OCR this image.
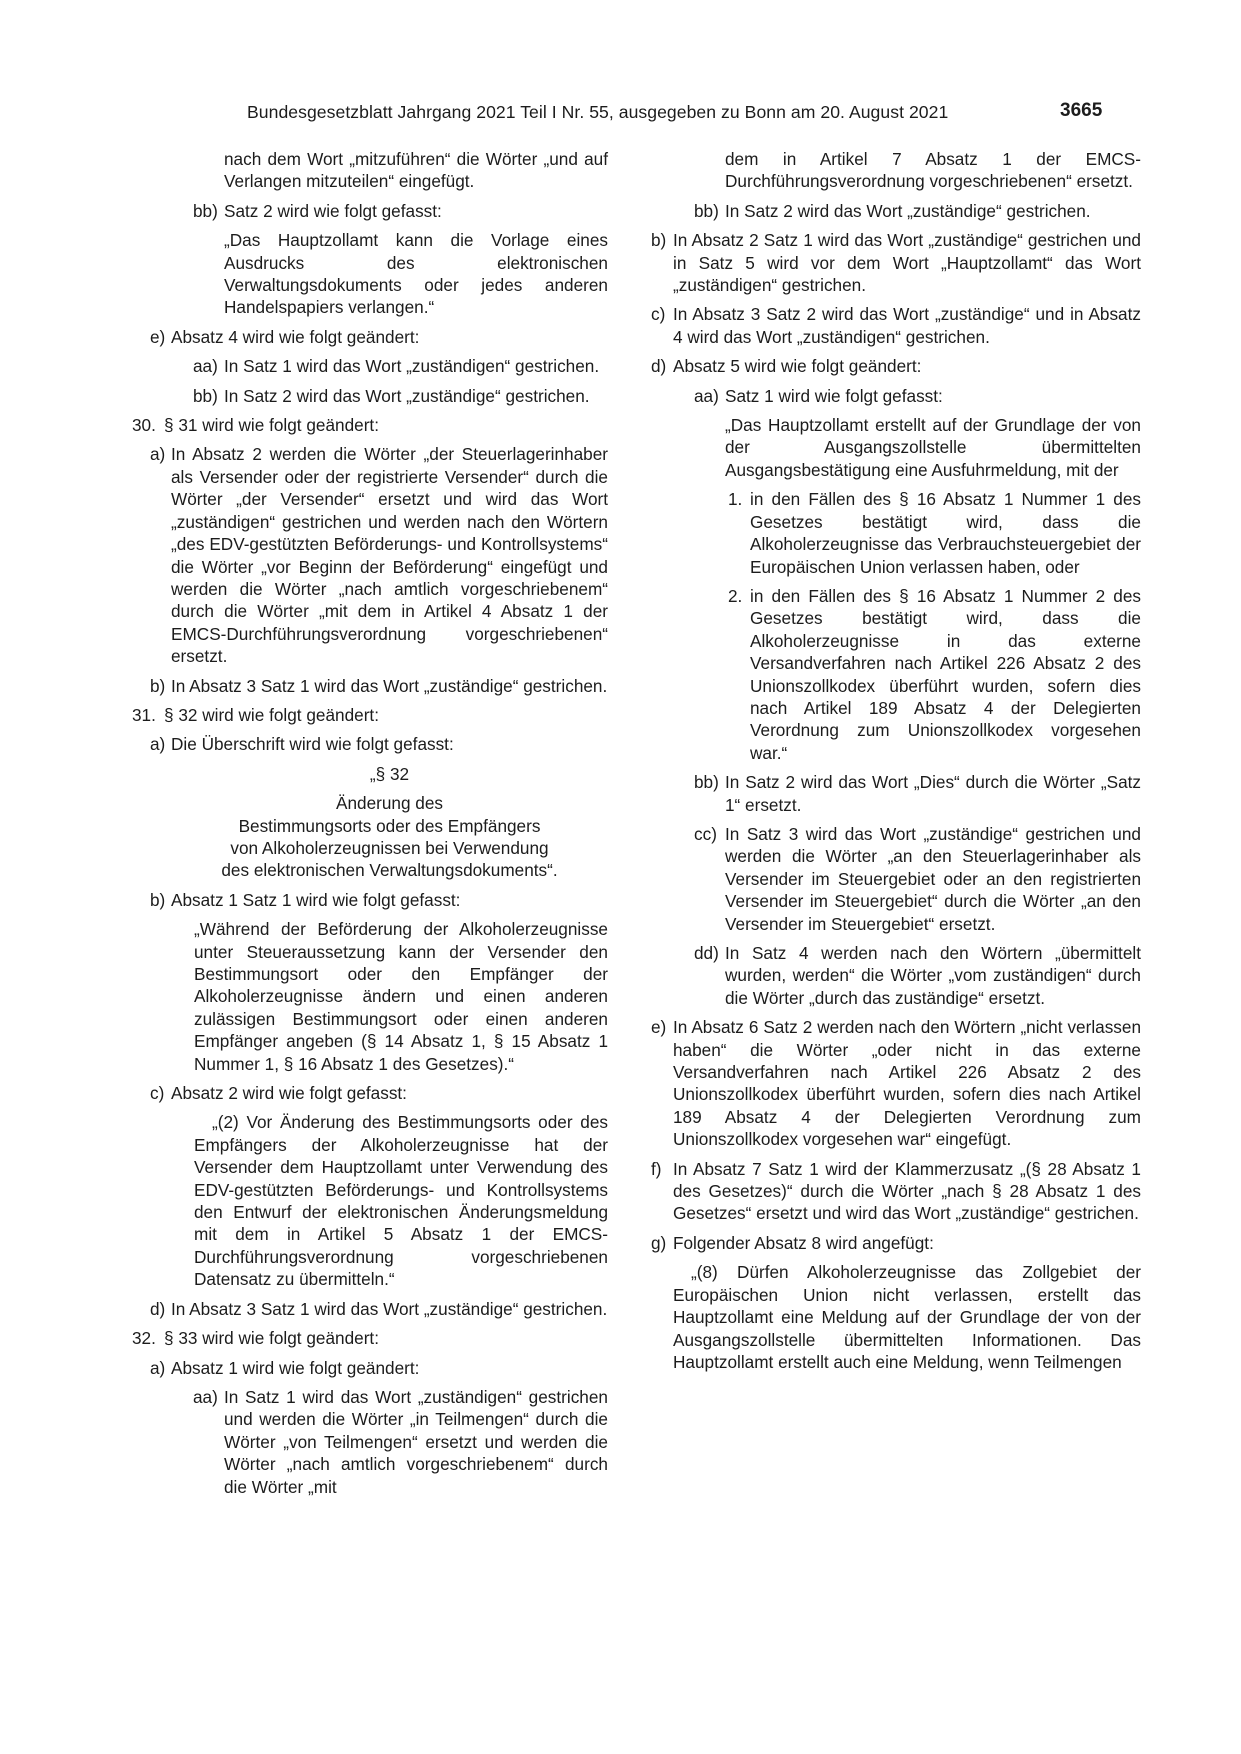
Bundesgesetzblatt Jahrgang 2021 Teil I Nr. 55, ausgegeben zu Bonn am 20. August 2021	3665
nach dem Wort „mitzuführen“ die Wörter „und auf Verlangen mitzuteilen“ eingefügt.
bb) Satz 2 wird wie folgt gefasst:
„Das Hauptzollamt kann die Vorlage eines Ausdrucks des elektronischen Verwaltungsdokuments oder jedes anderen Handelspapiers verlangen.“
e) Absatz 4 wird wie folgt geändert:
aa) In Satz 1 wird das Wort „zuständigen“ gestrichen.
bb) In Satz 2 wird das Wort „zuständige“ gestrichen.
30. § 31 wird wie folgt geändert:
a) In Absatz 2 werden die Wörter „der Steuerlagerinhaber als Versender oder der registrierte Versender“ durch die Wörter „der Versender“ ersetzt und wird das Wort „zuständigen“ gestrichen und werden nach den Wörtern „des EDV-gestützten Beförderungs- und Kontrollsystems“ die Wörter „vor Beginn der Beförderung“ eingefügt und werden die Wörter „nach amtlich vorgeschriebenem“ durch die Wörter „mit dem in Artikel 4 Absatz 1 der EMCS-Durchführungsverordnung vorgeschriebenen“ ersetzt.
b) In Absatz 3 Satz 1 wird das Wort „zuständige“ gestrichen.
31. § 32 wird wie folgt geändert:
a) Die Überschrift wird wie folgt gefasst:
„§ 32
Änderung des
Bestimmungsorts oder des Empfängers
von Alkoholerzeugnissen bei Verwendung
des elektronischen Verwaltungsdokuments“.
b) Absatz 1 Satz 1 wird wie folgt gefasst:
„Während der Beförderung der Alkoholerzeugnisse unter Steueraussetzung kann der Versender den Bestimmungsort oder den Empfänger der Alkoholerzeugnisse ändern und einen anderen zulässigen Bestimmungsort oder einen anderen Empfänger angeben (§ 14 Absatz 1, § 15 Absatz 1 Nummer 1, § 16 Absatz 1 des Gesetzes).“
c) Absatz 2 wird wie folgt gefasst:
„(2) Vor Änderung des Bestimmungsorts oder des Empfängers der Alkoholerzeugnisse hat der Versender dem Hauptzollamt unter Verwendung des EDV-gestützten Beförderungs- und Kontrollsystems den Entwurf der elektronischen Änderungsmeldung mit dem in Artikel 5 Absatz 1 der EMCS-Durchführungsverordnung vorgeschriebenen Datensatz zu übermitteln.“
d) In Absatz 3 Satz 1 wird das Wort „zuständige“ gestrichen.
32. § 33 wird wie folgt geändert:
a) Absatz 1 wird wie folgt geändert:
aa) In Satz 1 wird das Wort „zuständigen“ gestrichen und werden die Wörter „in Teilmengen“ durch die Wörter „von Teilmengen“ ersetzt und werden die Wörter „nach amtlich vorgeschriebenem“ durch die Wörter „mit
dem in Artikel 7 Absatz 1 der EMCS-Durchführungsverordnung vorgeschriebenen“ ersetzt.
bb) In Satz 2 wird das Wort „zuständige“ gestrichen.
b) In Absatz 2 Satz 1 wird das Wort „zuständige“ gestrichen und in Satz 5 wird vor dem Wort „Hauptzollamt“ das Wort „zuständigen“ gestrichen.
c) In Absatz 3 Satz 2 wird das Wort „zuständige“ und in Absatz 4 wird das Wort „zuständigen“ gestrichen.
d) Absatz 5 wird wie folgt geändert:
aa) Satz 1 wird wie folgt gefasst:
„Das Hauptzollamt erstellt auf der Grundlage der von der Ausgangszollstelle übermittelten Ausgangsbestätigung eine Ausfuhrmeldung, mit der
1. in den Fällen des § 16 Absatz 1 Nummer 1 des Gesetzes bestätigt wird, dass die Alkoholerzeugnisse das Verbrauchsteuergebiet der Europäischen Union verlassen haben, oder
2. in den Fällen des § 16 Absatz 1 Nummer 2 des Gesetzes bestätigt wird, dass die Alkoholerzeugnisse in das externe Versandverfahren nach Artikel 226 Absatz 2 des Unionszollkodex überführt wurden, sofern dies nach Artikel 189 Absatz 4 der Delegierten Verordnung zum Unionszollkodex vorgesehen war.“
bb) In Satz 2 wird das Wort „Dies“ durch die Wörter „Satz 1“ ersetzt.
cc) In Satz 3 wird das Wort „zuständige“ gestrichen und werden die Wörter „an den Steuerlagerinhaber als Versender im Steuergebiet oder an den registrierten Versender im Steuergebiet“ durch die Wörter „an den Versender im Steuergebiet“ ersetzt.
dd) In Satz 4 werden nach den Wörtern „übermittelt wurden, werden“ die Wörter „vom zuständigen“ durch die Wörter „durch das zuständige“ ersetzt.
e) In Absatz 6 Satz 2 werden nach den Wörtern „nicht verlassen haben“ die Wörter „oder nicht in das externe Versandverfahren nach Artikel 226 Absatz 2 des Unionszollkodex überführt wurden, sofern dies nach Artikel 189 Absatz 4 der Delegierten Verordnung zum Unionszollkodex vorgesehen war“ eingefügt.
f) In Absatz 7 Satz 1 wird der Klammerzusatz „(§ 28 Absatz 1 des Gesetzes)“ durch die Wörter „nach § 28 Absatz 1 des Gesetzes“ ersetzt und wird das Wort „zuständige“ gestrichen.
g) Folgender Absatz 8 wird angefügt:
„(8) Dürfen Alkoholerzeugnisse das Zollgebiet der Europäischen Union nicht verlassen, erstellt das Hauptzollamt eine Meldung auf der Grundlage der von der Ausgangszollstelle übermittelten Informationen. Das Hauptzollamt erstellt auch eine Meldung, wenn Teilmengen
